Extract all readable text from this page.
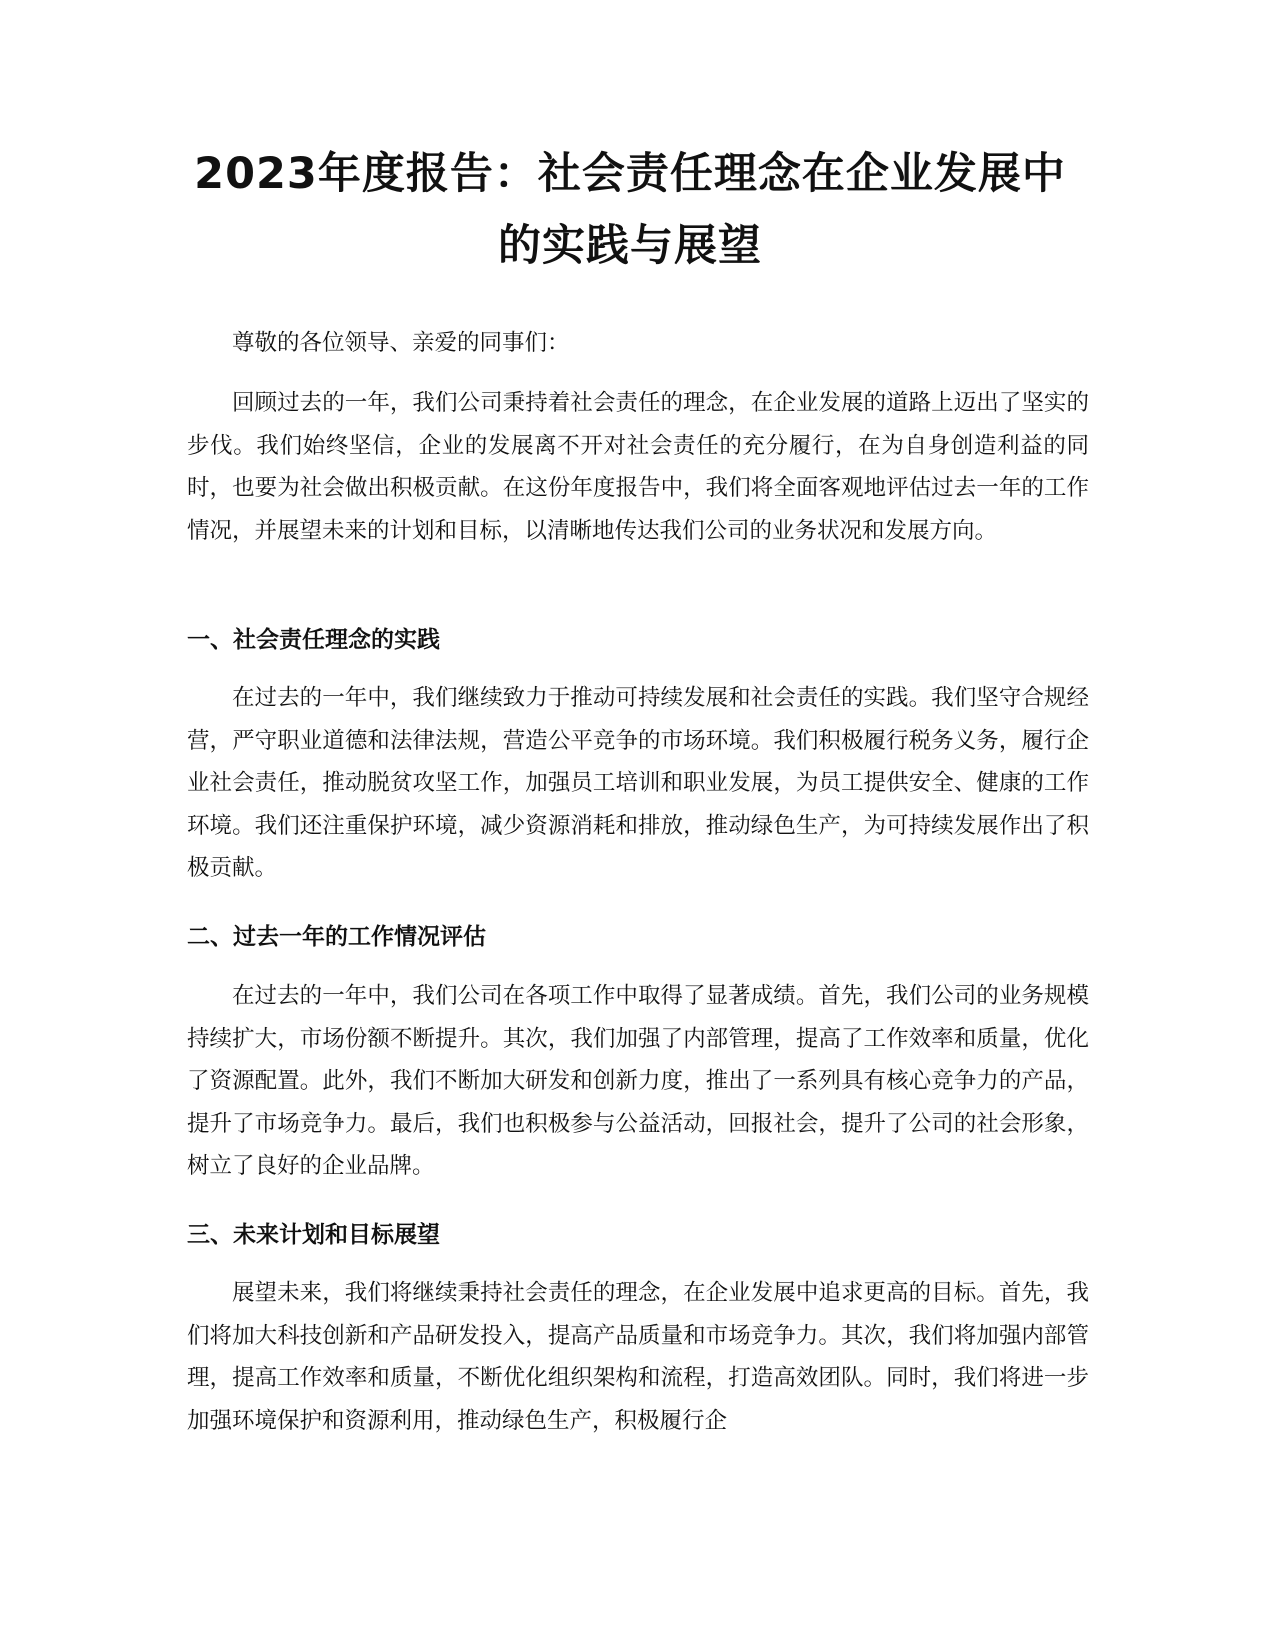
2023年度报告：社会责任理念在企业发展中的实践与展望

尊敬的各位领导、亲爱的同事们：

回顾过去的一年，我们公司秉持着社会责任的理念，在企业发展的道路上迈出了坚实的步伐。我们始终坚信，企业的发展离不开对社会责任的充分履行，在为自身创造利益的同时，也要为社会做出积极贡献。在这份年度报告中，我们将全面客观地评估过去一年的工作情况，并展望未来的计划和目标，以清晰地传达我们公司的业务状况和发展方向。

一、社会责任理念的实践

在过去的一年中，我们继续致力于推动可持续发展和社会责任的实践。我们坚守合规经营，严守职业道德和法律法规，营造公平竞争的市场环境。我们积极履行税务义务，履行企业社会责任，推动脱贫攻坚工作，加强员工培训和职业发展，为员工提供安全、健康的工作环境。我们还注重保护环境，减少资源消耗和排放，推动绿色生产，为可持续发展作出了积极贡献。

二、过去一年的工作情况评估

在过去的一年中，我们公司在各项工作中取得了显著成绩。首先，我们公司的业务规模持续扩大，市场份额不断提升。其次，我们加强了内部管理，提高了工作效率和质量，优化了资源配置。此外，我们不断加大研发和创新力度，推出了一系列具有核心竞争力的产品，提升了市场竞争力。最后，我们也积极参与公益活动，回报社会，提升了公司的社会形象，树立了良好的企业品牌。

三、未来计划和目标展望

展望未来，我们将继续秉持社会责任的理念，在企业发展中追求更高的目标。首先，我们将加大科技创新和产品研发投入，提高产品质量和市场竞争力。其次，我们将加强内部管理，提高工作效率和质量，不断优化组织架构和流程，打造高效团队。同时，我们将进一步加强环境保护和资源利用，推动绿色生产，积极履行企
